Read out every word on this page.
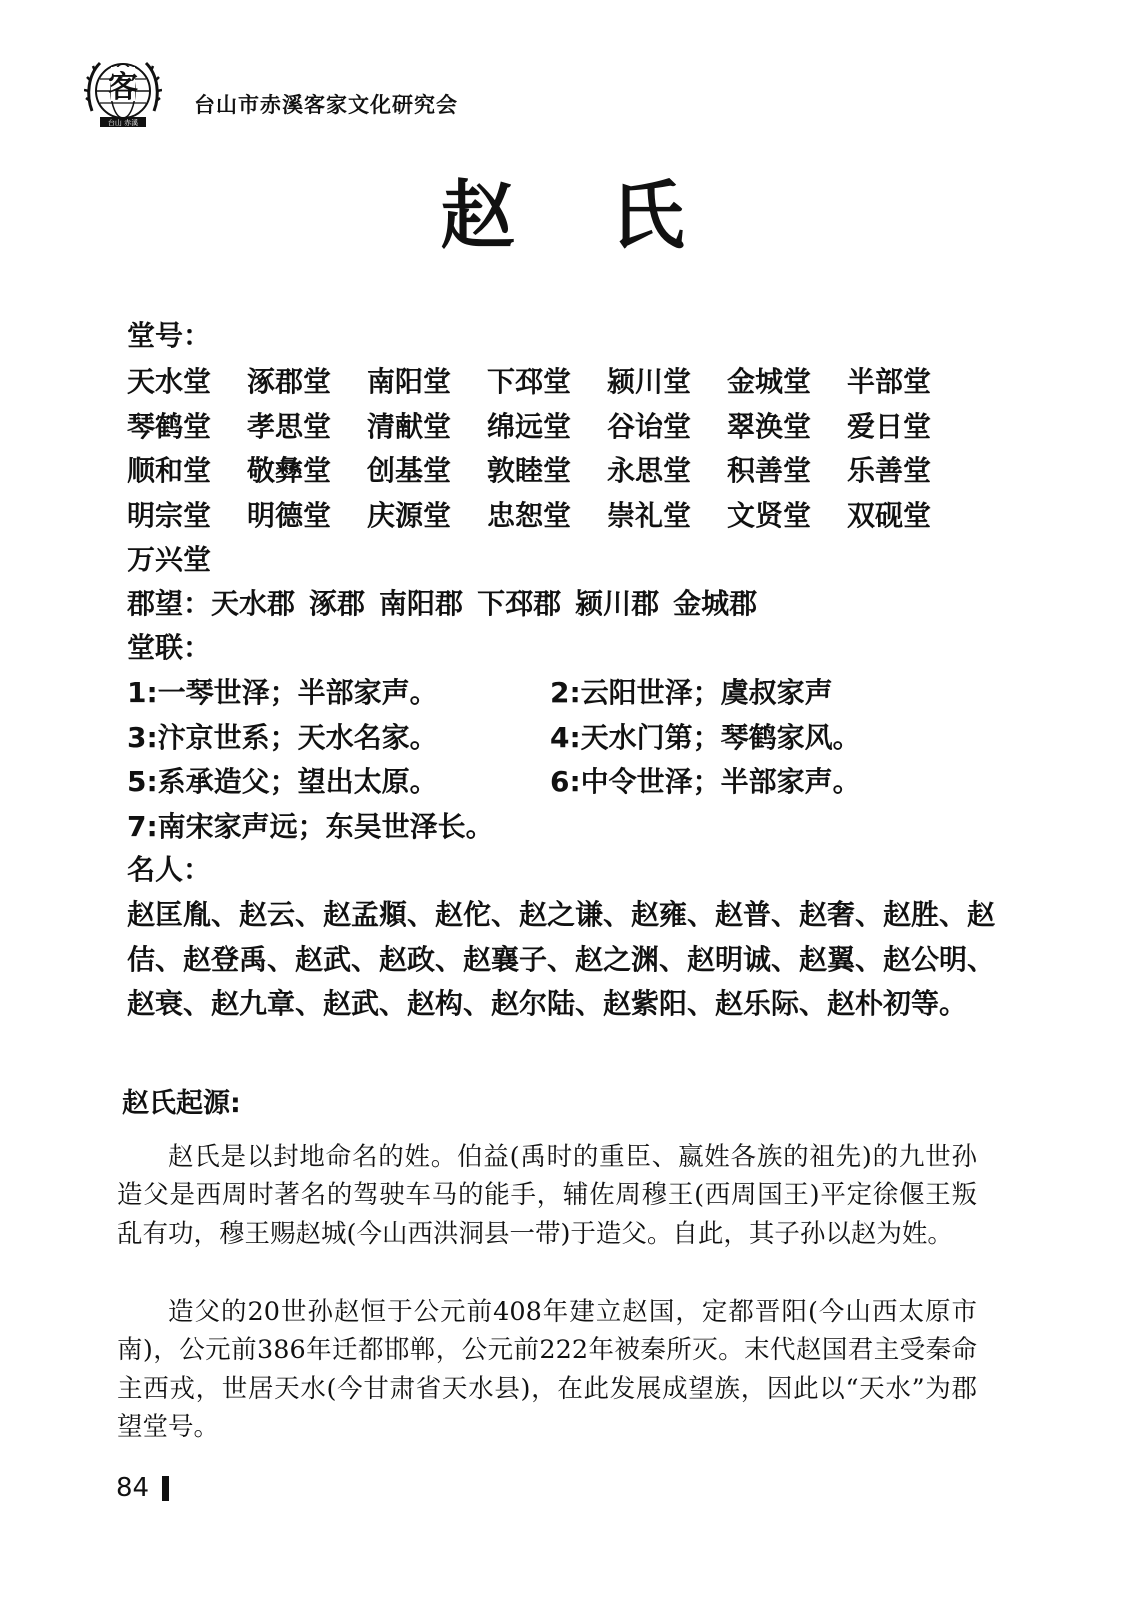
客
台山 赤溪
台山市赤溪客家文化研究会
赵 氏
堂号：
天水堂	涿郡堂	南阳堂	下邳堂	颍川堂	金城堂	半部堂
琴鹤堂	孝思堂	清献堂	绵远堂	谷诒堂	翠涣堂	爱日堂
顺和堂	敬彝堂	创基堂	敦睦堂	永思堂	积善堂	乐善堂
明宗堂	明德堂	庆源堂	忠恕堂	崇礼堂	文贤堂	双砚堂
万兴堂
郡望：天水郡 涿郡 南阳郡 下邳郡 颍川郡 金城郡
堂联：
1:一琴世泽；半部家声。	2:云阳世泽；虞叔家声
3:汴京世系；天水名家。	4:天水门第；琴鹤家风。
5:系承造父；望出太原。	6:中令世泽；半部家声。
7:南宋家声远；东吴世泽长。
名人：
赵匡胤、赵云、赵孟頫、赵佗、赵之谦、赵雍、赵普、赵奢、赵胜、赵佶、赵登禹、赵武、赵政、赵襄子、赵之渊、赵明诚、赵翼、赵公明、赵衰、赵九章、赵武、赵构、赵尔陆、赵紫阳、赵乐际、赵朴初等。
赵氏起源:

赵氏是以封地命名的姓。伯益(禹时的重臣、嬴姓各族的祖先)的九世孙造父是西周时著名的驾驶车马的能手，辅佐周穆王(西周国王)平定徐偃王叛乱有功，穆王赐赵城(今山西洪洞县一带)于造父。自此，其子孙以赵为姓。

造父的20世孙赵恒于公元前408年建立赵国，定都晋阳(今山西太原市南)，公元前386年迁都邯郸，公元前222年被秦所灭。末代赵国君主受秦命主西戎，世居天水(今甘肃省天水县)，在此发展成望族，因此以“天水”为郡望堂号。

84
